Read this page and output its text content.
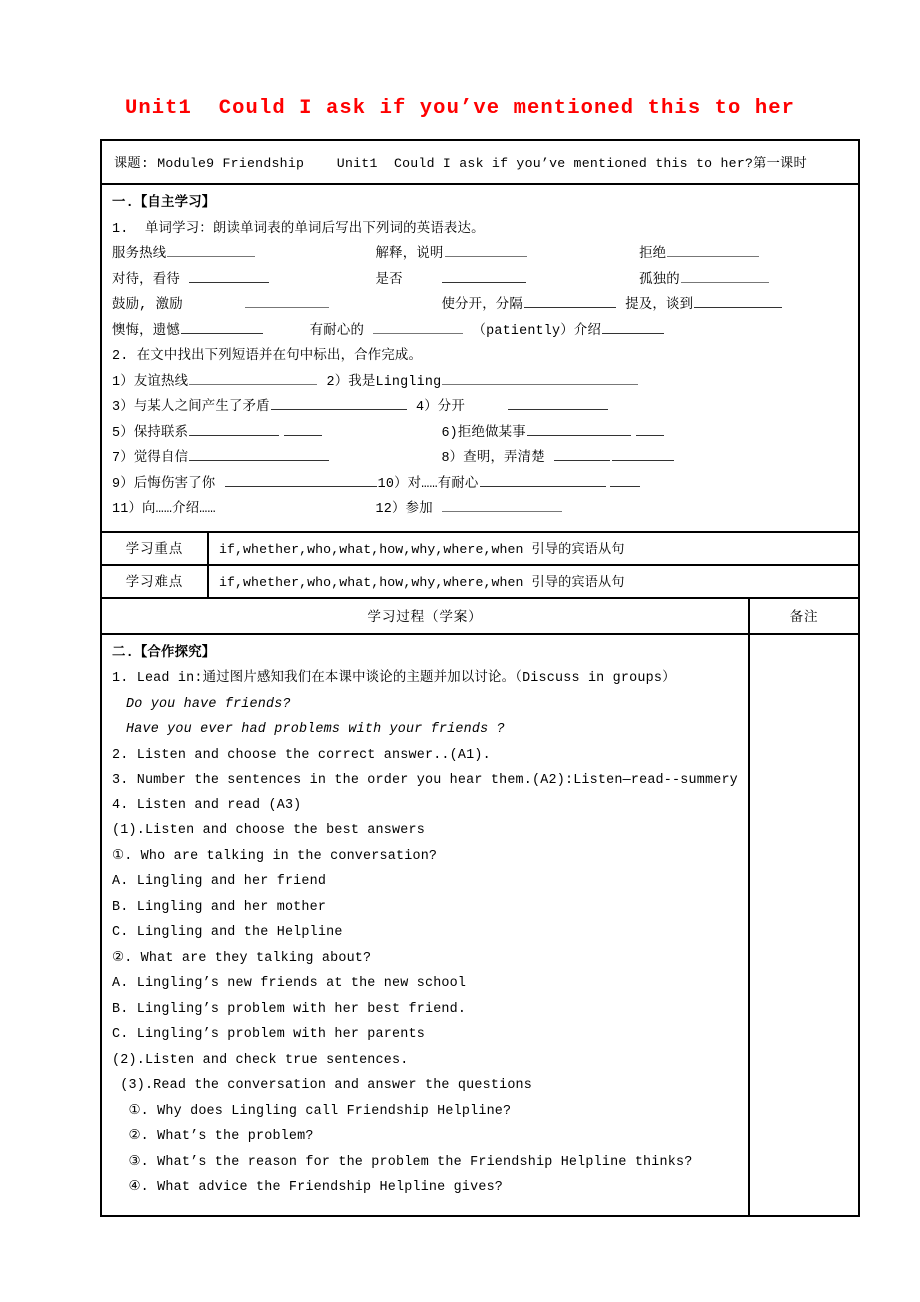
Unit1  Could I ask if you’ve mentioned this to her
课题: Module9 Friendship    Unit1  Could I ask if you’ve mentioned this to her?第一课时
一.【自主学习】
1.  单词学习：朗读单词表的单词后写出下列词的英语表达。
服务热线			解释，说明			拒绝
对待，看待			是否				孤独的
鼓励, 激励				使分开，分隔	提及，谈到
懊悔，遗憾		有耐心的	（patiently）介绍
2. 在文中找出下列短语并在句中标出，合作完成。
1）友谊热线	2）我是Lingling
3）与某人之间产生了矛盾	4）分开	
5）保持联系 			6)拒绝做某事 
7）觉得自信			8）查明，弄清楚
9）后悔伤害了你	10）对……有耐心 
11）向……介绍……				12）参加	
学习重点	if,whether,who,what,how,why,where,when 引导的宾语从句
学习难点	if,whether,who,what,how,why,where,when 引导的宾语从句
学习过程（学案）	备注
二.【合作探究】
1. Lead in:通过图片感知我们在本课中谈论的主题并加以讨论。（Discuss in groups）
Do you have friends?
Have you ever had problems with your friends ?
2. Listen and choose the correct answer..(A1).
3. Number the sentences in the order you hear them.(A2):Listen—read--summery
4. Listen and read (A3)
(1).Listen and choose the best answers
①. Who are talking in the conversation?
A. Lingling and her friend
B. Lingling and her mother
C. Lingling and the Helpline
②. What are they talking about?
A. Lingling’s new friends at the new school
B. Lingling’s problem with her best friend.
C. Lingling’s problem with her parents
(2).Listen and check true sentences.
(3).Read the conversation and answer the questions
①. Why does Lingling call Friendship Helpline?
②. What’s the problem?
③. What’s the reason for the problem the Friendship Helpline thinks?
④. What advice the Friendship Helpline gives?
